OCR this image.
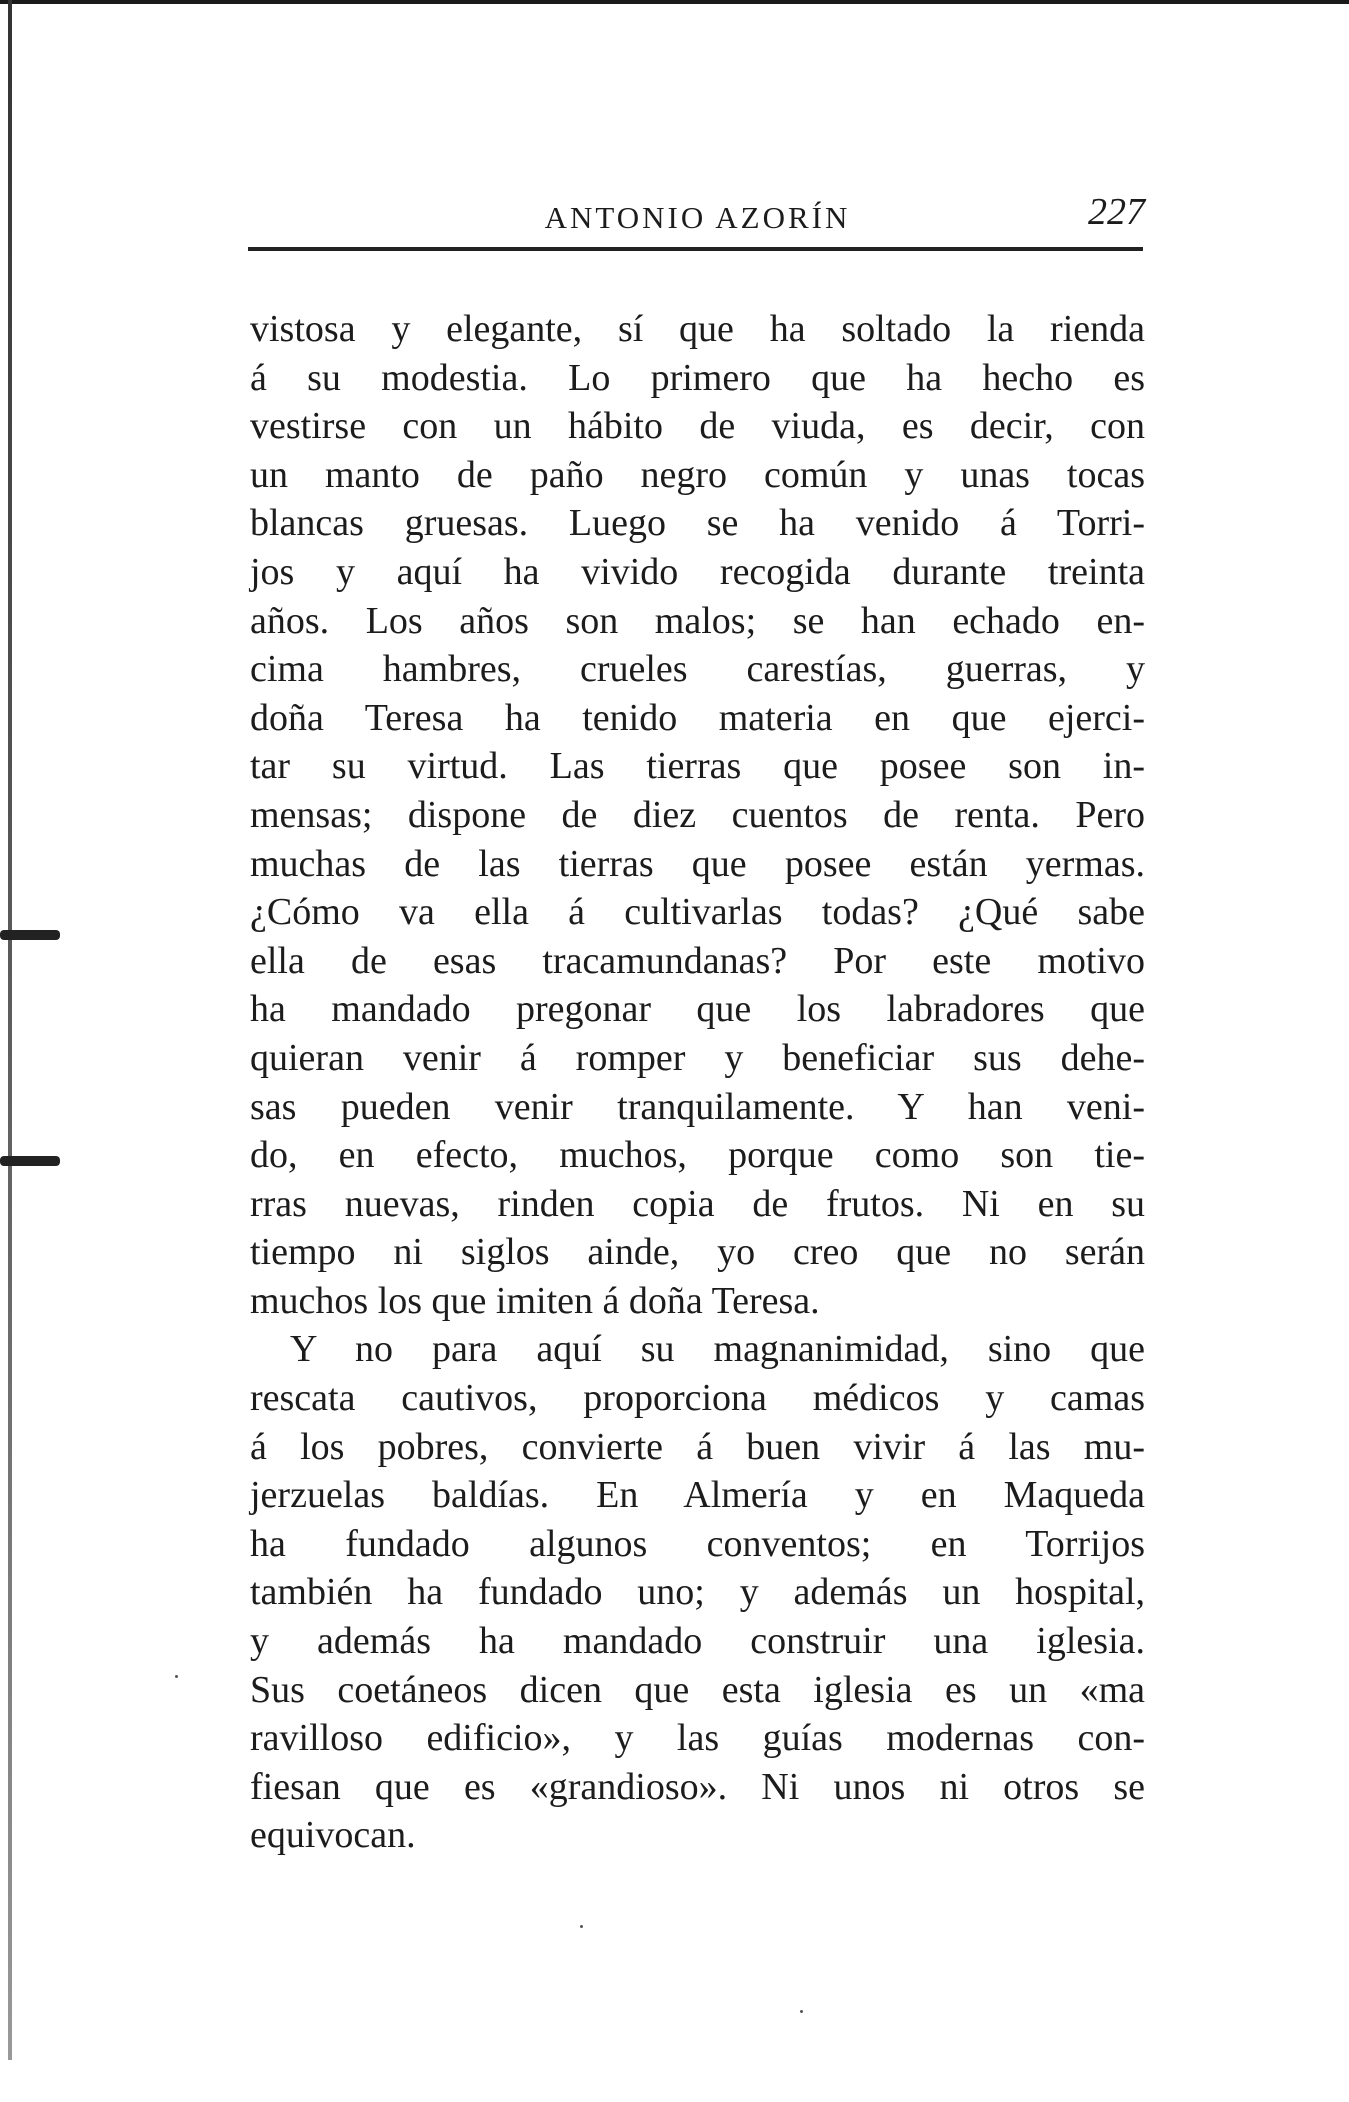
ANTONIO AZORÍN	227
vistosa y elegante, sí que ha soltado la rienda
á su modestia. Lo primero que ha hecho es
vestirse con un hábito de viuda, es decir, con
un manto de paño negro común y unas tocas
blancas gruesas. Luego se ha venido á Torri-
jos y aquí ha vivido recogida durante treinta
años. Los años son malos; se han echado en-
cima hambres, crueles carestías, guerras, y
doña Teresa ha tenido materia en que ejerci-
tar su virtud. Las tierras que posee son in-
mensas; dispone de diez cuentos de renta. Pero
muchas de las tierras que posee están yermas.
¿Cómo va ella á cultivarlas todas? ¿Qué sabe
ella de esas tracamundanas? Por este motivo
ha mandado pregonar que los labradores que
quieran venir á romper y beneficiar sus dehe-
sas pueden venir tranquilamente. Y han veni-
do, en efecto, muchos, porque como son tie-
rras nuevas, rinden copia de frutos. Ni en su
tiempo ni siglos ainde, yo creo que no serán
muchos los que imiten á doña Teresa.
Y no para aquí su magnanimidad, sino que
rescata cautivos, proporciona médicos y camas
á los pobres, convierte á buen vivir á las mu-
jerzuelas baldías. En Almería y en Maqueda
ha fundado algunos conventos; en Torrijos
también ha fundado uno; y además un hospital,
y además ha mandado construir una iglesia.
Sus coetáneos dicen que esta iglesia es un «ma
ravilloso edificio», y las guías modernas con-
fiesan que es «grandioso». Ni unos ni otros se
equivocan.
